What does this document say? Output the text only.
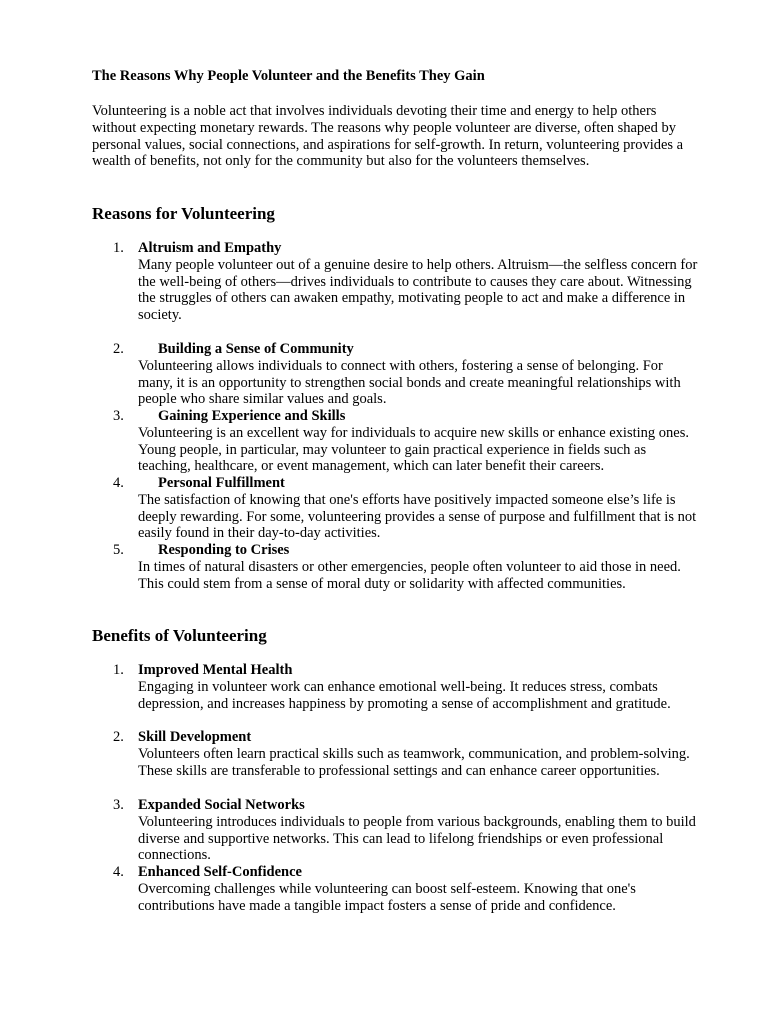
The Reasons Why People Volunteer and the Benefits They Gain

Volunteering is a noble act that involves individuals devoting their time and energy to help others without expecting monetary rewards. The reasons why people volunteer are diverse, often shaped by personal values, social connections, and aspirations for self-growth. In return, volunteering provides a wealth of benefits, not only for the community but also for the volunteers themselves.

Reasons for Volunteering
1. Altruism and Empathy

Many people volunteer out of a genuine desire to help others. Altruism—the selfless concern for the well-being of others—drives individuals to contribute to causes they care about. Witnessing the struggles of others can awaken empathy, motivating people to act and make a difference in society.

2. Building a Sense of Community

Volunteering allows individuals to connect with others, fostering a sense of belonging. For many, it is an opportunity to strengthen social bonds and create meaningful relationships with people who share similar values and goals.

3. Gaining Experience and Skills

Volunteering is an excellent way for individuals to acquire new skills or enhance existing ones. Young people, in particular, may volunteer to gain practical experience in fields such as teaching, healthcare, or event management, which can later benefit their careers.

4. Personal Fulfillment

The satisfaction of knowing that one's efforts have positively impacted someone else’s life is deeply rewarding. For some, volunteering provides a sense of purpose and fulfillment that is not easily found in their day-to-day activities.

5. Responding to Crises

In times of natural disasters or other emergencies, people often volunteer to aid those in need. This could stem from a sense of moral duty or solidarity with affected communities.

Benefits of Volunteering
1. Improved Mental Health

Engaging in volunteer work can enhance emotional well-being. It reduces stress, combats depression, and increases happiness by promoting a sense of accomplishment and gratitude.

2. Skill Development

Volunteers often learn practical skills such as teamwork, communication, and problem-solving. These skills are transferable to professional settings and can enhance career opportunities.

3. Expanded Social Networks

Volunteering introduces individuals to people from various backgrounds, enabling them to build diverse and supportive networks. This can lead to lifelong friendships or even professional connections.

4. Enhanced Self-Confidence

Overcoming challenges while volunteering can boost self-esteem. Knowing that one's contributions have made a tangible impact fosters a sense of pride and confidence.
